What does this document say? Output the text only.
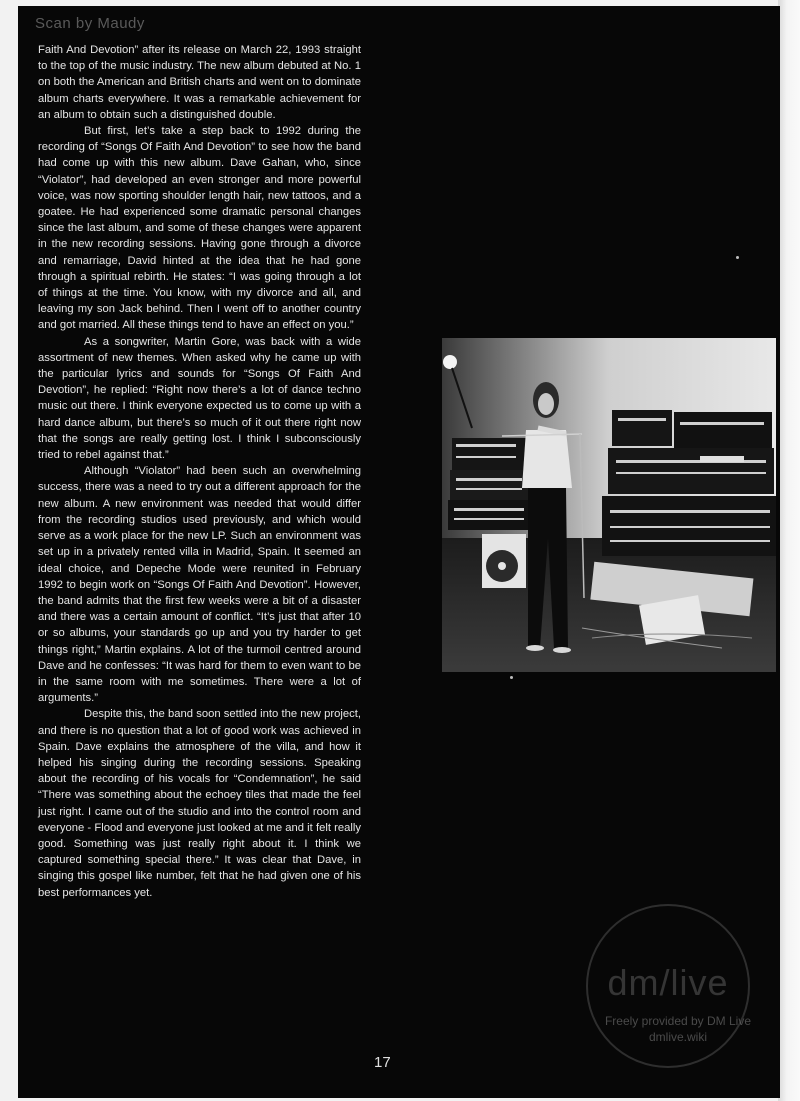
Scan by Maudy

Faith And Devotion” after its release on March 22, 1993 straight to the top of the music industry. The new album debuted at No. 1 on both the American and British charts and went on to dominate album charts everywhere. It was a remarkable achievement for an album to obtain such a distinguished double.

But first, let’s take a step back to 1992 during the recording of “Songs Of Faith And Devotion” to see how the band had come up with this new album. Dave Gahan, who, since “Violator”, had developed an even stronger and more powerful voice, was now sporting shoulder length hair, new tattoos, and a goatee. He had experienced some dramatic personal changes since the last album, and some of these changes were apparent in the new recording sessions. Having gone through a divorce and remarriage, David hinted at the idea that he had gone through a spiritual rebirth. He states: “I was going through a lot of things at the time. You know, with my divorce and all, and leaving my son Jack behind. Then I went off to another country and got married. All these things tend to have an effect on you.”

As a songwriter, Martin Gore, was back with a wide assortment of new themes. When asked why he came up with the particular lyrics and sounds for “Songs Of Faith And Devotion”, he replied: “Right now there’s a lot of dance techno music out there. I think everyone expected us to come up with a hard dance album, but there’s so much of it out there right now that the songs are really getting lost. I think I subconsciously tried to rebel against that.”

Although “Violator” had been such an overwhelming success, there was a need to try out a different approach for the new album. A new environment was needed that would differ from the recording studios used previously, and which would serve as a work place for the new LP. Such an environment was set up in a privately rented villa in Madrid, Spain. It seemed an ideal choice, and Depeche Mode were reunited in February 1992 to begin work on “Songs Of Faith And Devotion”. However, the band admits that the first few weeks were a bit of a disaster and there was a certain amount of conflict. “It’s just that after 10 or so albums, your standards go up and you try harder to get things right,” Martin explains. A lot of the turmoil centred around Dave and he confesses: “It was hard for them to even want to be in the same room with me sometimes. There were a lot of arguments.”

Despite this, the band soon settled into the new project, and there is no question that a lot of good work was achieved in Spain. Dave explains the atmosphere of the villa, and how it helped his singing during the recording sessions. Speaking about the recording of his vocals for “Condemnation”, he said “There was something about the echoey tiles that made the feel just right. I came out of the studio and into the control room and everyone - Flood and everyone just looked at me and it felt really good. Something was just really right about it. I think we captured something special there.” It was clear that Dave, in singing this gospel like number, felt that he had given one of his best performances yet.

dm/live
Freely provided by DM Live
dmlive.wiki
17
